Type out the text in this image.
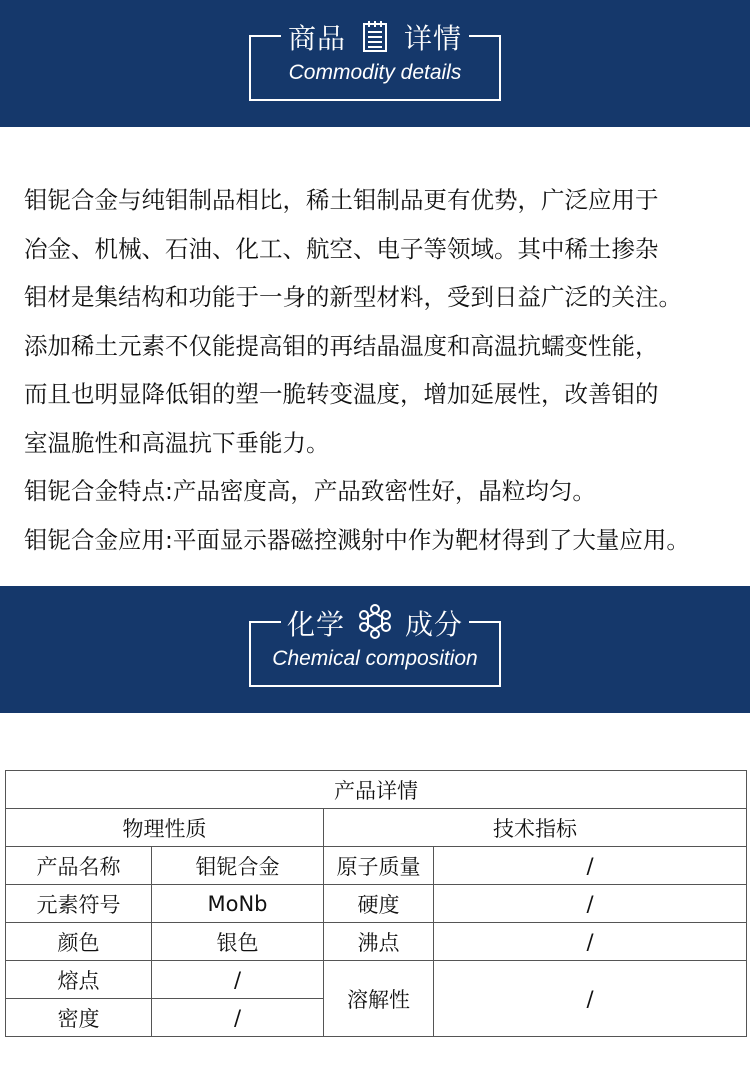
商品 详情
Commodity details

钼铌合金与纯钼制品相比，稀土钼制品更有优势，广泛应用于

冶金、机械、石油、化工、航空、电子等领域。其中稀土掺杂

钼材是集结构和功能于一身的新型材料，受到日益广泛的关注。

添加稀土元素不仅能提高钼的再结晶温度和高温抗蠕变性能，

而且也明显降低钼的塑一脆转变温度，增加延展性，改善钼的

室温脆性和高温抗下垂能力。

钼铌合金特点:产品密度高，产品致密性好，晶粒均匀。

钼铌合金应用:平面显示器磁控溅射中作为靶材得到了大量应用。

化学 成分
Chemical composition
产品详情			
物理性质		技术指标	
产品名称	钼铌合金	原子质量	/
元素符号	MoNb	硬度	/
颜色	银色	沸点	/
熔点	/	溶解性	/
密度	/		
